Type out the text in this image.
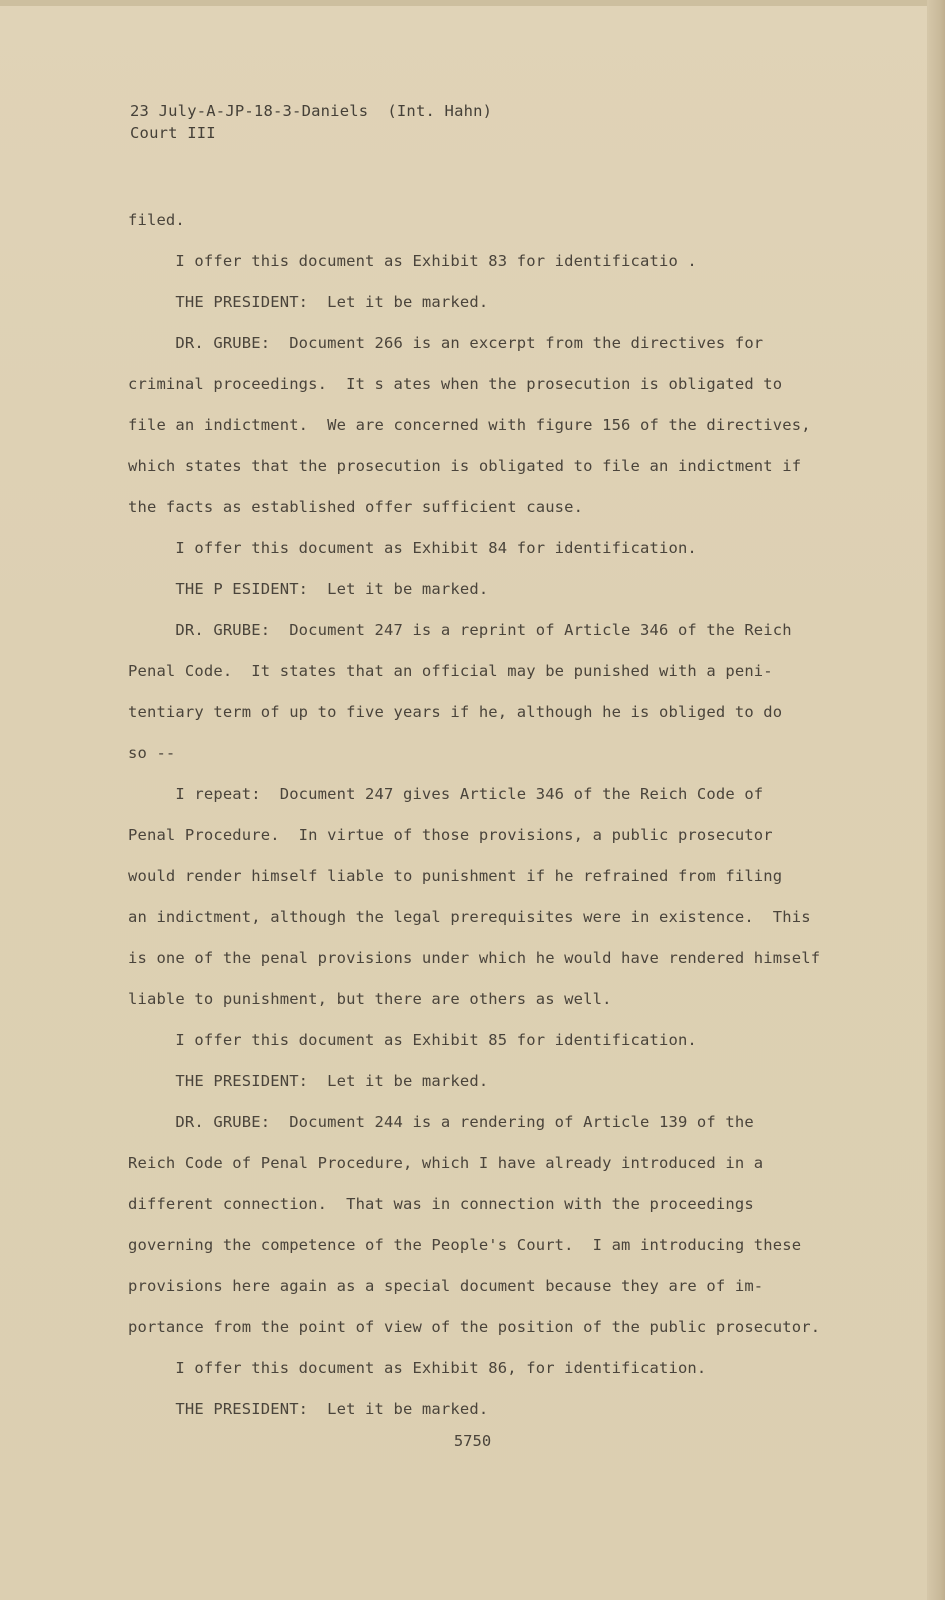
23 July-A-JP-18-3-Daniels  (Int. Hahn)
Court III

filed.

I offer this document as Exhibit 83 for identificatio .

THE PRESIDENT:  Let it be marked.

DR. GRUBE:  Document 266 is an excerpt from the directives for

criminal proceedings.  It s ates when the prosecution is obligated to

file an indictment.  We are concerned with figure 156 of the directives,

which states that the prosecution is obligated to file an indictment if

the facts as established offer sufficient cause.

I offer this document as Exhibit 84 for identification.

THE P ESIDENT:  Let it be marked.

DR. GRUBE:  Document 247 is a reprint of Article 346 of the Reich

Penal Code.  It states that an official may be punished with a peni-

tentiary term of up to five years if he, although he is obliged to do

so --

I repeat:  Document 247 gives Article 346 of the Reich Code of

Penal Procedure.  In virtue of those provisions, a public prosecutor

would render himself liable to punishment if he refrained from filing

an indictment, although the legal prerequisites were in existence.  This

is one of the penal provisions under which he would have rendered himself

liable to punishment, but there are others as well.

I offer this document as Exhibit 85 for identification.

THE PRESIDENT:  Let it be marked.

DR. GRUBE:  Document 244 is a rendering of Article 139 of the

Reich Code of Penal Procedure, which I have already introduced in a

different connection.  That was in connection with the proceedings

governing the competence of the People's Court.  I am introducing these

provisions here again as a special document because they are of im-

portance from the point of view of the position of the public prosecutor.

I offer this document as Exhibit 86, for identification.

THE PRESIDENT:  Let it be marked.

5750
